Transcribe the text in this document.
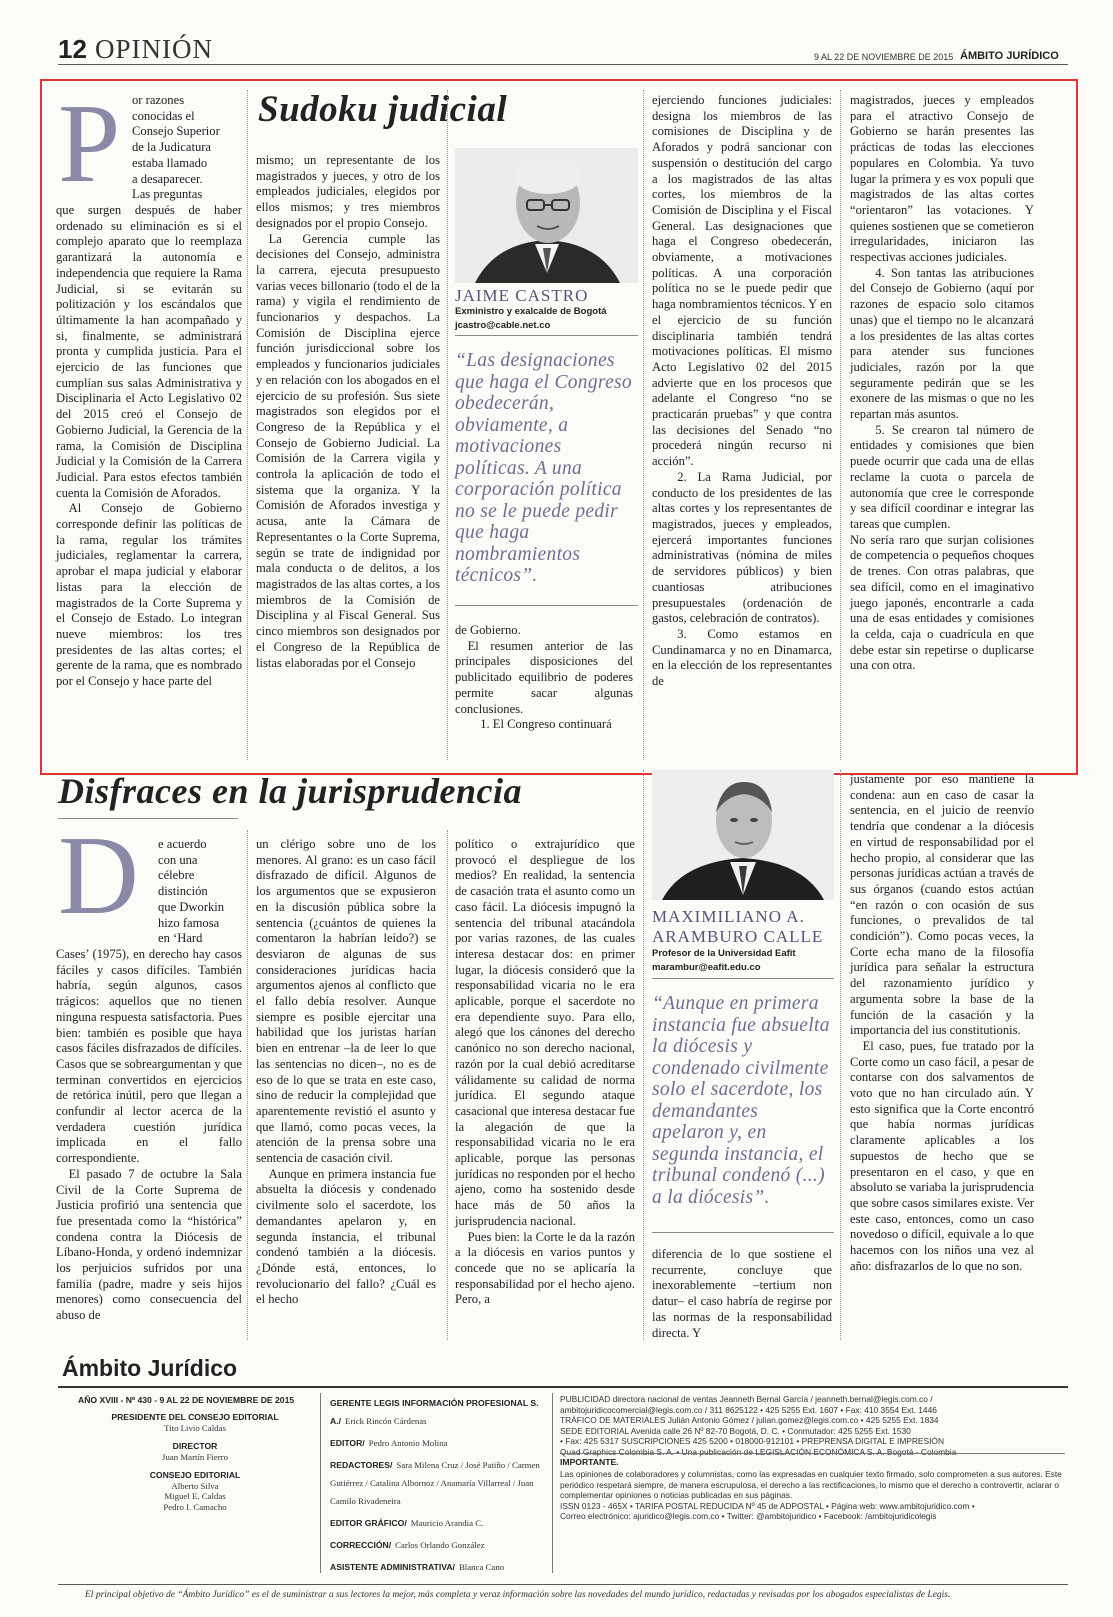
12 OPINIÓN	9 AL 22 DE NOVIEMBRE DE 2015 ÁMBITO JURÍDICO
P or razones
conocidas el
Consejo Superior
de la Judicatura
estaba llamado
a desaparecer.
Las preguntas
que surgen después de haber ordenado su eliminación es si el complejo aparato que lo reemplaza garantizará la autonomía e independencia que requiere la Rama Judicial, si se evitarán su politización y los escándalos que últimamente la han acompañado y si, finalmente, se administrará pronta y cumplida justicia. Para el ejercicio de las funciones que cumplían sus salas Administrativa y Disciplinaria el Acto Legislativo 02 del 2015 creó el Consejo de Gobierno Judicial, la Gerencia de la rama, la Comisión de Disciplina Judicial y la Comisión de la Carrera Judicial. Para estos efectos también cuenta la Comisión de Aforados.
 Al Consejo de Gobierno corresponde definir las políticas de la rama, regular los trámites judiciales, reglamentar la carrera, aprobar el mapa judicial y elaborar listas para la elección de magistrados de la Corte Suprema y el Consejo de Estado. Lo integran nueve miembros: los tres presidentes de las altas cortes; el gerente de la rama, que es nombrado por el Consejo y hace parte del
Sudoku judicial
mismo; un representante de los magistrados y jueces, y otro de los empleados judiciales, elegidos por ellos mismos; y tres miembros designados por el propio Consejo.
 La Gerencia cumple las decisiones del Consejo, administra la carrera, ejecuta presupuesto varias veces billonario (todo el de la rama) y vigila el rendimiento de funcionarios y despachos. La Comisión de Disciplina ejerce función jurisdiccional sobre los empleados y funcionarios judiciales y en relación con los abogados en el ejercicio de su profesión. Sus siete magistrados son elegidos por el Congreso de la República y el Consejo de Gobierno Judicial. La Comisión de la Carrera vigila y controla la aplicación de todo el sistema que la organiza. Y la Comisión de Aforados investiga y acusa, ante la Cámara de Representantes o la Corte Suprema, según se trate de indignidad por mala conducta o de delitos, a los magistrados de las altas cortes, a los miembros de la Comisión de Disciplina y al Fiscal General. Sus cinco miembros son designados por el Congreso de la República de listas elaboradas por el Consejo
JAIME CASTRO
Exministro y exalcalde de Bogotá
jcastro@cable.net.co
“Las designaciones que haga el Congreso obedecerán, obviamente, a motivaciones políticas. A una corporación política no se le puede pedir que haga nombramientos técnicos”.
de Gobierno.
 El resumen anterior de las principales disposiciones del publicitado equilibrio de poderes permite sacar algunas conclusiones.
  1. El Congreso continuará
ejerciendo funciones judiciales: designa los miembros de las comisiones de Disciplina y de Aforados y podrá sancionar con suspensión o destitución del cargo a los magistrados de las altas cortes, los miembros de la Comisión de Disciplina y el Fiscal General. Las designaciones que haga el Congreso obedecerán, obviamente, a motivaciones políticas. A una corporación política no se le puede pedir que haga nombramientos técnicos. Y en el ejercicio de su función disciplinaria también tendrá motivaciones políticas. El mismo Acto Legislativo 02 del 2015 advierte que en los procesos que adelante el Congreso “no se practicarán pruebas” y que contra las decisiones del Senado “no procederá ningún recurso ni acción”.
  2. La Rama Judicial, por conducto de los presidentes de las altas cortes y los representantes de magistrados, jueces y empleados, ejercerá importantes funciones administrativas (nómina de miles de servidores públicos) y bien cuantiosas atribuciones presupuestales (ordenación de gastos, celebración de contratos).
  3. Como estamos en Cundinamarca y no en Dinamarca, en la elección de los representantes de
magistrados, jueces y empleados para el atractivo Consejo de Gobierno se harán presentes las prácticas de todas las elecciones populares en Colombia. Ya tuvo lugar la primera y es vox populi que magistrados de las altas cortes “orientaron” las votaciones. Y quienes sostienen que se cometieron irregularidades, iniciaron las respectivas acciones judiciales.
  4. Son tantas las atribuciones del Consejo de Gobierno (aquí por razones de espacio solo citamos unas) que el tiempo no le alcanzará a los presidentes de las altas cortes para atender sus funciones judiciales, razón por la que seguramente pedirán que se les exonere de las mismas o que no les repartan más asuntos.
  5. Se crearon tal número de entidades y comisiones que bien puede ocurrir que cada una de ellas reclame la cuota o parcela de autonomía que cree le corresponde y sea difícil coordinar e integrar las tareas que cumplen.
No sería raro que surjan colisiones de competencia o pequeños choques de trenes. Con otras palabras, que sea difícil, como en el imaginativo juego japonés, encontrarle a cada una de esas entidades y comisiones la celda, caja o cuadrícula en que debe estar sin repetirse o duplicarse una con otra.
Disfraces en la jurisprudencia
D e acuerdo
con una
célebre
distinción
que Dworkin
hizo famosa
en ‘Hard
Cases’ (1975), en derecho hay casos fáciles y casos difíciles. También habría, según algunos, casos trágicos: aquellos que no tienen ninguna respuesta satisfactoria. Pues bien: también es posible que haya casos fáciles disfrazados de difíciles. Casos que se sobreargumentan y que terminan convertidos en ejercicios de retórica inútil, pero que llegan a confundir al lector acerca de la verdadera cuestión jurídica implicada en el fallo correspondiente.
 El pasado 7 de octubre la Sala Civil de la Corte Suprema de Justicia profirió una sentencia que fue presentada como la “histórica” condena contra la Diócesis de Líbano-Honda, y ordenó indemnizar los perjuicios sufridos por una familia (padre, madre y seis hijos menores) como consecuencia del abuso de
un clérigo sobre uno de los menores. Al grano: es un caso fácil disfrazado de difícil. Algunos de los argumentos que se expusieron en la discusión pública sobre la sentencia (¿cuántos de quienes la comentaron la habrían leído?) se desviaron de algunas de sus consideraciones jurídicas hacia argumentos ajenos al conflicto que el fallo debía resolver. Aunque siempre es posible ejercitar una habilidad que los juristas harían bien en entrenar –la de leer lo que las sentencias no dicen–, no es de eso de lo que se trata en este caso, sino de reducir la complejidad que aparentemente revistió el asunto y que llamó, como pocas veces, la atención de la prensa sobre una sentencia de casación civil.
 Aunque en primera instancia fue absuelta la diócesis y condenado civilmente solo el sacerdote, los demandantes apelaron y, en segunda instancia, el tribunal condenó también a la diócesis. ¿Dónde está, entonces, lo revolucionario del fallo? ¿Cuál es el hecho
político o extrajurídico que provocó el despliegue de los medios? En realidad, la sentencia de casación trata el asunto como un caso fácil. La diócesis impugnó la sentencia del tribunal atacándola por varias razones, de las cuales interesa destacar dos: en primer lugar, la diócesis consideró que la responsabilidad vicaria no le era aplicable, porque el sacerdote no era dependiente suyo. Para ello, alegó que los cánones del derecho canónico no son derecho nacional, razón por la cual debió acreditarse válidamente su calidad de norma jurídica. El segundo ataque casacional que interesa destacar fue la alegación de que la responsabilidad vicaria no le era aplicable, porque las personas jurídicas no responden por el hecho ajeno, como ha sostenido desde hace más de 50 años la jurisprudencia nacional.
 Pues bien: la Corte le da la razón a la diócesis en varios puntos y concede que no se aplicaría la responsabilidad por el hecho ajeno. Pero, a
MAXIMILIANO A. ARAMBURO CALLE
Profesor de la Universidad Eafit
marambur@eafit.edu.co
“Aunque en primera instancia fue absuelta la diócesis y condenado civilmente solo el sacerdote, los demandantes apelaron y, en segunda instancia, el tribunal condenó (...) a la diócesis”.
diferencia de lo que sostiene el recurrente, concluye que inexorablemente –tertium non datur– el caso habría de regirse por las normas de la responsabilidad directa. Y
justamente por eso mantiene la condena: aun en caso de casar la sentencia, en el juicio de reenvío tendría que condenar a la diócesis en virtud de responsabilidad por el hecho propio, al considerar que las personas jurídicas actúan a través de sus órganos (cuando estos actúan “en razón o con ocasión de sus funciones, o prevalidos de tal condición”). Como pocas veces, la Corte echa mano de la filosofía jurídica para señalar la estructura del razonamiento jurídico y argumenta sobre la base de la función de la casación y la importancia del ius constitutionis.
 El caso, pues, fue tratado por la Corte como un caso fácil, a pesar de contarse con dos salvamentos de voto que no han circulado aún. Y esto significa que la Corte encontró que había normas jurídicas claramente aplicables a los supuestos de hecho que se presentaron en el caso, y que en absoluto se variaba la jurisprudencia que sobre casos similares existe. Ver este caso, entonces, como un caso novedoso o difícil, equivale a lo que hacemos con los niños una vez al año: disfrazarlos de lo que no son.
Ámbito Jurídico
AÑO XVIII - Nº 430 - 9 AL 22 DE NOVIEMBRE DE 2015
PRESIDENTE DEL CONSEJO EDITORIAL
Tito Livio Caldas
DIRECTOR
Juan Martín Fierro
CONSEJO EDITORIAL
Alberto Silva
Miguel E. Caldas
Pedro I. Camacho
GERENTE LEGIS INFORMACIÓN PROFESIONAL S. A./ Erick Rincón Cárdenas
EDITOR/ Pedro Antonio Molina
REDACTORES/ Sara Milena Cruz / José Patiño / Carmen Gutiérrez / Catalina Albornoz / Anamaría Villarreal / Juan Camilo Rivadeneira
EDITOR GRÁFICO/ Mauricio Arandia C.
CORRECCIÓN/ Carlos Orlando González
ASISTENTE ADMINISTRATIVA/ Blanca Cano
PUBLICIDAD directora nacional de ventas Jeanneth Bernal García / jeanneth.bernal@legis.com.co / ambitojuridicocomercial@legis.com.co / 311 8625122 • 425 5255 Ext. 1607 • Fax: 410 3554 Ext. 1446
TRÁFICO DE MATERIALES Julián Antonio Gómez / julian.gomez@legis.com.co • 425 5255 Ext. 1834
SEDE EDITORIAL Avenida calle 26 Nº 82-70 Bogotá, D. C. • Conmutador: 425 5255 Ext. 1530
• Fax: 425 5317 SUSCRIPCIONES 425 5200 • 018000-912101 • PREPRENSA DIGITAL E IMPRESIÓN
Quad Graphics Colombia S. A. • Una publicación de LEGISLACIÓN ECONÓMICA S. A. Bogotá - Colombia
IMPORTANTE.
Las opiniones de colaboradores y columnistas, como las expresadas en cualquier texto firmado, solo comprometen a sus autores. Este periódico respetará siempre, de manera escrupulosa, el derecho a las rectificaciones, lo mismo que el derecho a controvertir, aclarar o complementar opiniones o noticias publicadas en sus páginas.
ISSN 0123 - 465X • TARIFA POSTAL REDUCIDA Nº 45 de ADPOSTAL • Página web: www.ambitojuridico.com •
Correo electrónico: ajuridico@legis.com.co • Twitter: @ambitojuridico • Facebook: /ambitojuridicolegis
El principal objetivo de “Ámbito Jurídico” es el de suministrar a sus lectores la mejor, más completa y veraz información sobre las novedades del mundo jurídico, redactadas y revisadas por los abogados especialistas de Legis.
